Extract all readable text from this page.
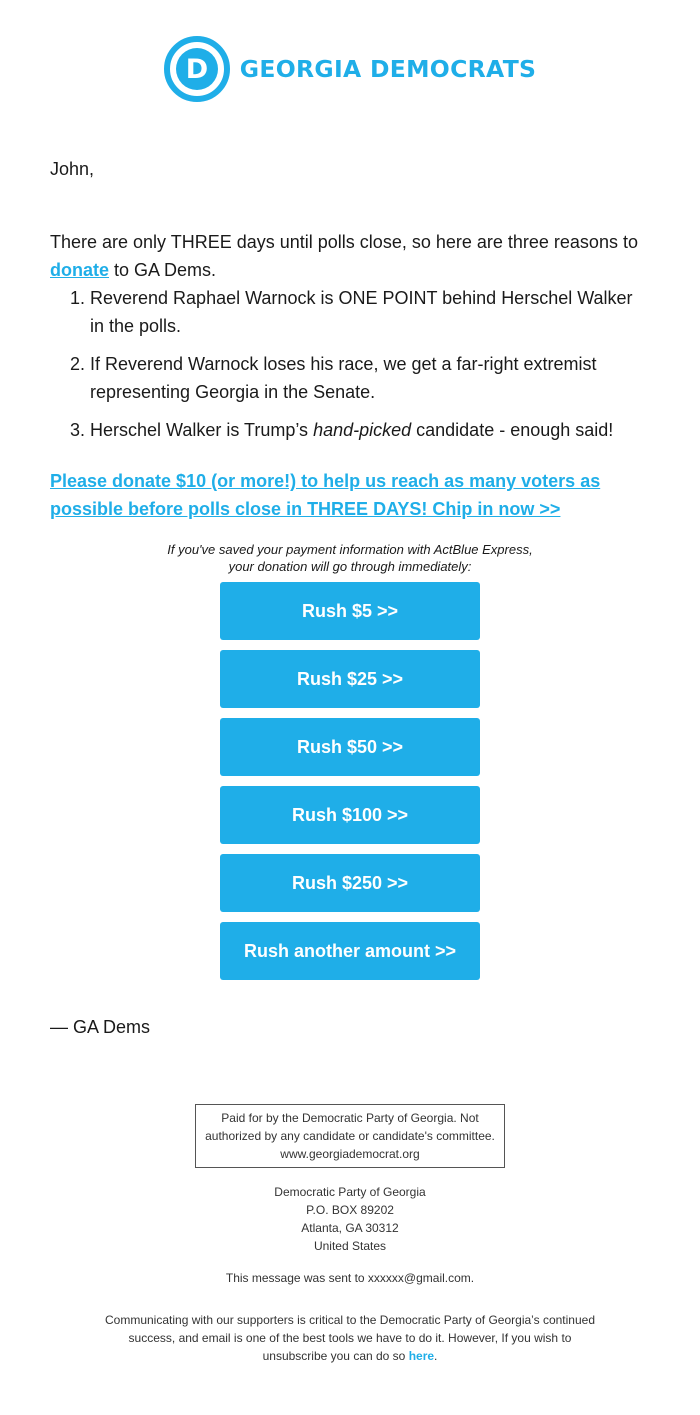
D GEORGIA DEMOCRATS
John,

There are only THREE days until polls close, so here are three reasons to donate to GA Dems.

1. Reverend Raphael Warnock is ONE POINT behind Herschel Walker in the polls.
2. If Reverend Warnock loses his race, we get a far-right extremist representing Georgia in the Senate.
3. Herschel Walker is Trump’s hand-picked candidate - enough said!
Please donate $10 (or more!) to help us reach as many voters as possible before polls close in THREE DAYS! Chip in now >>
If you've saved your payment information with ActBlue Express,
your donation will go through immediately:
Rush $5 >>
Rush $25 >>
Rush $50 >>
Rush $100 >>
Rush $250 >>
Rush another amount >>
— GA Dems
Paid for by the Democratic Party of Georgia. Not authorized by any candidate or candidate's committee. www.georgiademocrat.org
Democratic Party of Georgia
P.O. BOX 89202
Atlanta, GA 30312
United States
This message was sent to xxxxxx@gmail.com.
Communicating with our supporters is critical to the Democratic Party of Georgia’s continued success, and email is one of the best tools we have to do it. However, If you wish to unsubscribe you can do so here.
